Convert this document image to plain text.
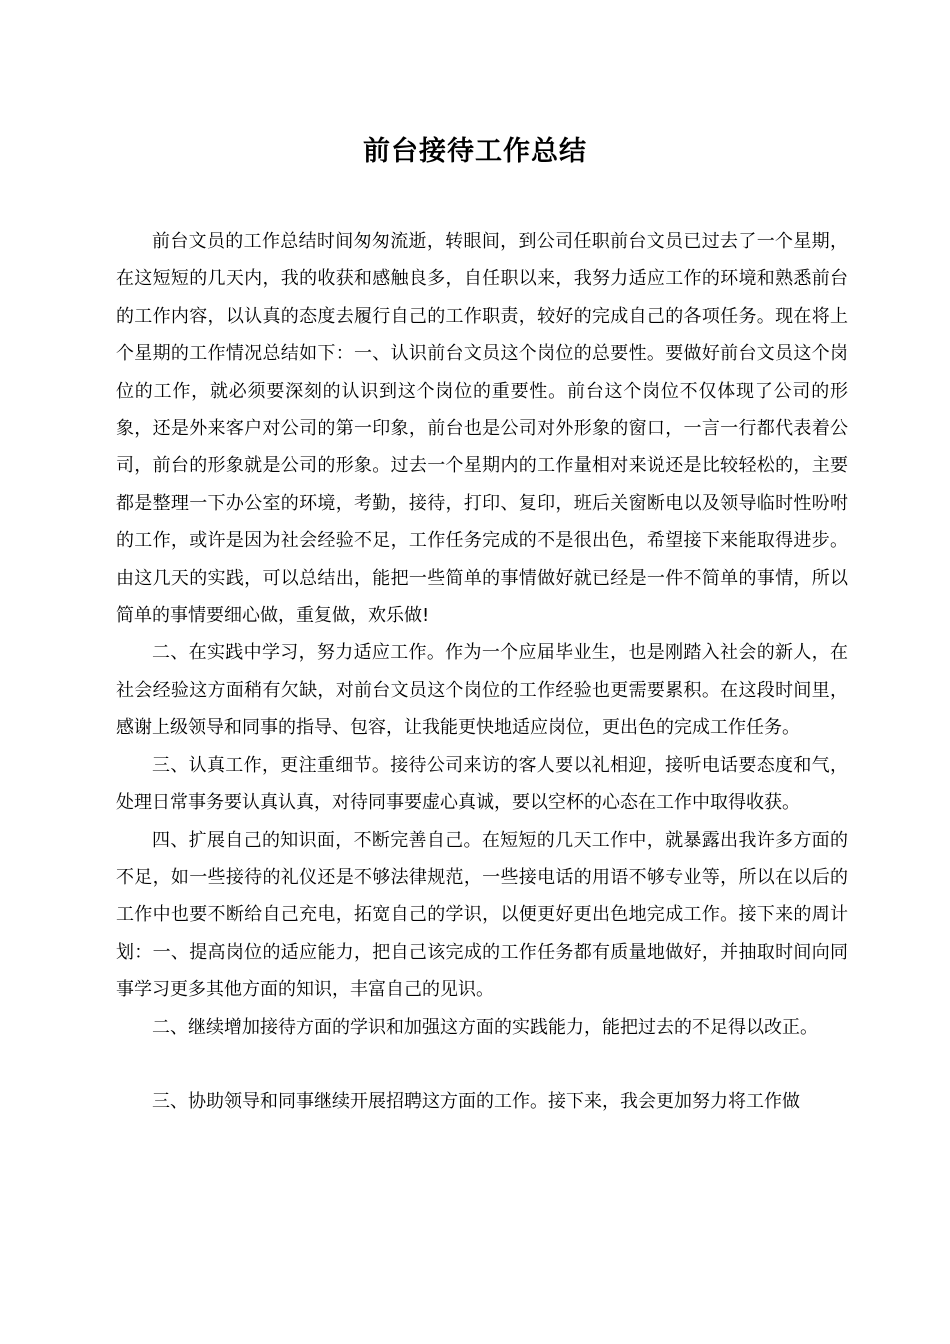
前台接待工作总结

前台文员的工作总结时间匆匆流逝，转眼间，到公司任职前台文员已过去了一个星期，在这短短的几天内，我的收获和感触良多，自任职以来，我努力适应工作的环境和熟悉前台的工作内容，以认真的态度去履行自己的工作职责，较好的完成自己的各项任务。现在将上个星期的工作情况总结如下：一、认识前台文员这个岗位的总要性。要做好前台文员这个岗位的工作，就必须要深刻的认识到这个岗位的重要性。前台这个岗位不仅体现了公司的形象，还是外来客户对公司的第一印象，前台也是公司对外形象的窗口，一言一行都代表着公司，前台的形象就是公司的形象。过去一个星期内的工作量相对来说还是比较轻松的，主要都是整理一下办公室的环境，考勤，接待，打印、复印，班后关窗断电以及领导临时性吩咐的工作，或许是因为社会经验不足，工作任务完成的不是很出色，希望接下来能取得进步。由这几天的实践，可以总结出，能把一些简单的事情做好就已经是一件不简单的事情，所以简单的事情要细心做，重复做，欢乐做!

二、在实践中学习，努力适应工作。作为一个应届毕业生，也是刚踏入社会的新人，在社会经验这方面稍有欠缺，对前台文员这个岗位的工作经验也更需要累积。在这段时间里，感谢上级领导和同事的指导、包容，让我能更快地适应岗位，更出色的完成工作任务。

三、认真工作，更注重细节。接待公司来访的客人要以礼相迎，接听电话要态度和气，处理日常事务要认真认真，对待同事要虚心真诚，要以空杯的心态在工作中取得收获。

四、扩展自己的知识面，不断完善自己。在短短的几天工作中，就暴露出我许多方面的不足，如一些接待的礼仪还是不够法律规范，一些接电话的用语不够专业等，所以在以后的工作中也要不断给自己充电，拓宽自己的学识，以便更好更出色地完成工作。接下来的周计划：一、提高岗位的适应能力，把自己该完成的工作任务都有质量地做好，并抽取时间向同事学习更多其他方面的知识，丰富自己的见识。

二、继续增加接待方面的学识和加强这方面的实践能力，能把过去的不足得以改正。

三、协助领导和同事继续开展招聘这方面的工作。接下来，我会更加努力将工作做
